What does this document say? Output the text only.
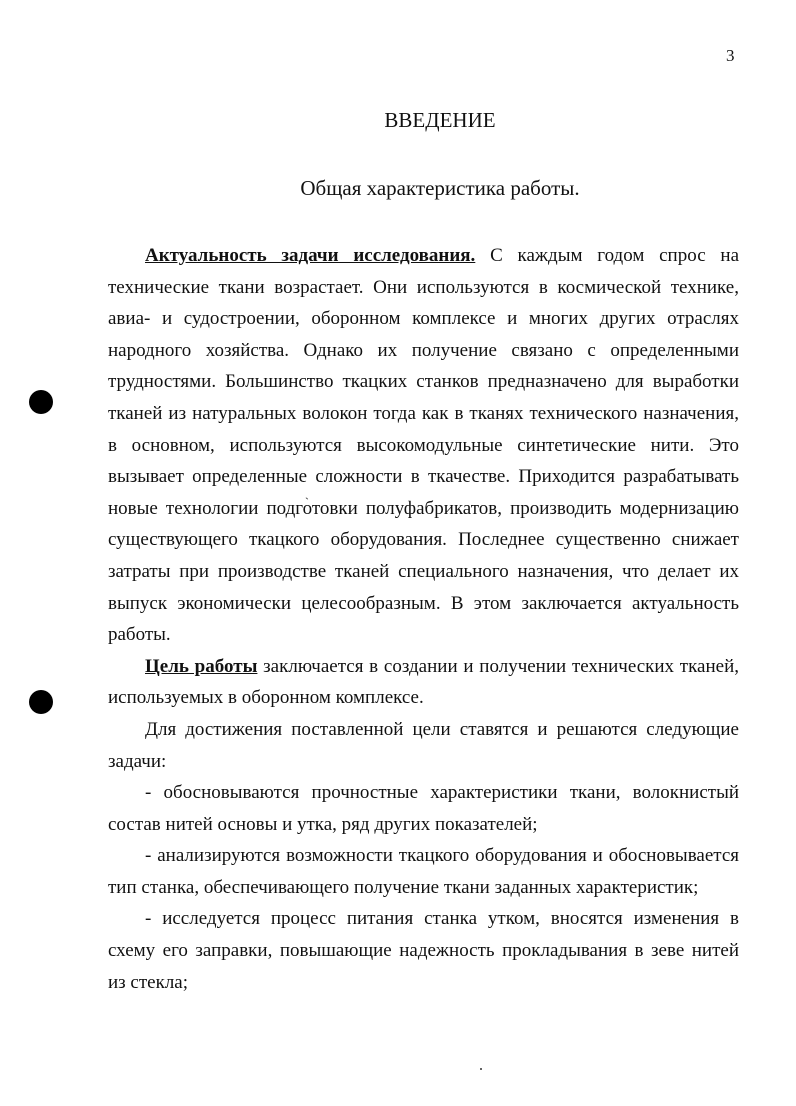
3
ВВЕДЕНИЕ
Общая характеристика работы.

Актуальность задачи исследования. С каждым годом спрос на технические ткани возрастает. Они используются в космической технике, авиа- и судостроении, оборонном комплексе и многих других отраслях народного хозяйства. Однако их получение связано с определенными трудностями. Большинство ткацких станков предназначено для выработки тканей из натуральных волокон тогда как в тканях технического назначения, в основном, используются высокомодульные синтетические нити. Это вызывает определенные сложности в ткачестве. Приходится разрабатывать новые технологии подготовки полуфабрикатов, производить модернизацию существующего ткацкого оборудования. Последнее существенно снижает затраты при производстве тканей специального назначения, что делает их выпуск экономически целесообразным. В этом заключается актуальность работы.

Цель работы заключается в создании и получении технических тканей, используемых в оборонном комплексе.

Для достижения поставленной цели ставятся и решаются следующие задачи:

- обосновываются прочностные характеристики ткани, волокнистый состав нитей основы и утка, ряд других показателей;

- анализируются возможности ткацкого оборудования и обосновывается тип станка, обеспечивающего получение ткани заданных характеристик;

- исследуется процесс питания станка утком, вносятся изменения в схему его заправки, повышающие надежность прокладывания в зеве нитей из стекла;

ˎ
